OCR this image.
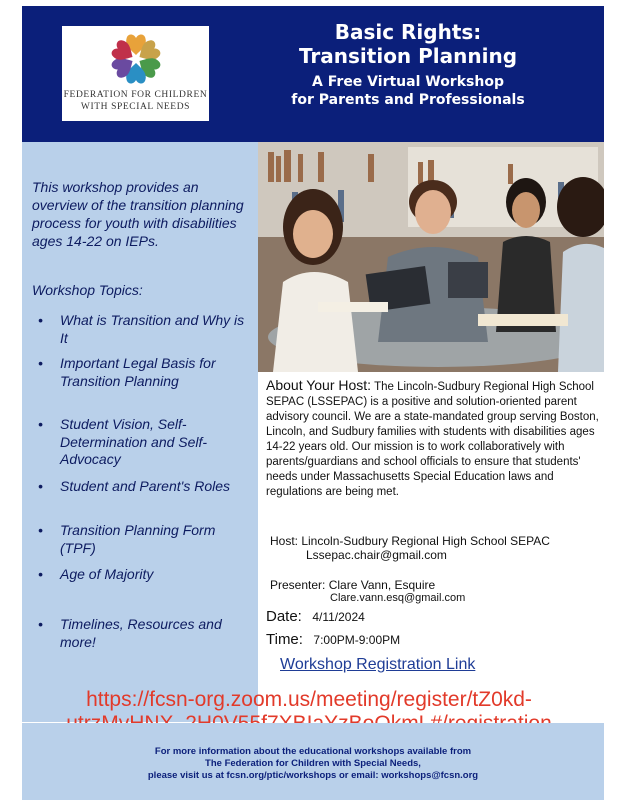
FEDERATION FOR CHILDREN
WITH SPECIAL NEEDS
Basic Rights:
Transition Planning
A Free Virtual Workshop
for Parents and Professionals
This workshop provides an overview of the transition planning process for youth with disabilities ages 14-22 on IEPs.
Workshop Topics:
•	What is Transition and Why is It
•	Important Legal Basis for Transition Planning
•	Student Vision, Self-Determination and Self-Advocacy
•	Student and Parent's Roles
•	Transition Planning Form (TPF)
•	Age of Majority
•	Timelines, Resources and more!
About Your Host: The Lincoln-Sudbury Regional High School SEPAC (LSSEPAC) is a positive and solution-oriented parent advisory council. We are a state-mandated group serving Boston, Lincoln, and Sudbury families with students with disabilities ages 14-22 years old. Our mission is to work collaboratively with parents/guardians and school officials to ensure that students' needs under Massachusetts Special Education laws and regulations are being met.
Host: Lincoln-Sudbury Regional High School SEPAC
Lssepac.chair@gmail.com
Presenter: Clare Vann, Esquire
Clare.vann.esq@gmail.com
Date: 4/11/2024
Time: 7:00PM-9:00PM
Workshop Registration Link
https://fcsn-org.zoom.us/meeting/register/tZ0kd-
For more information about the educational workshops available from
The Federation for Children with Special Needs,
please visit us at fcsn.org/ptic/workshops or email: workshops@fcsn.org
